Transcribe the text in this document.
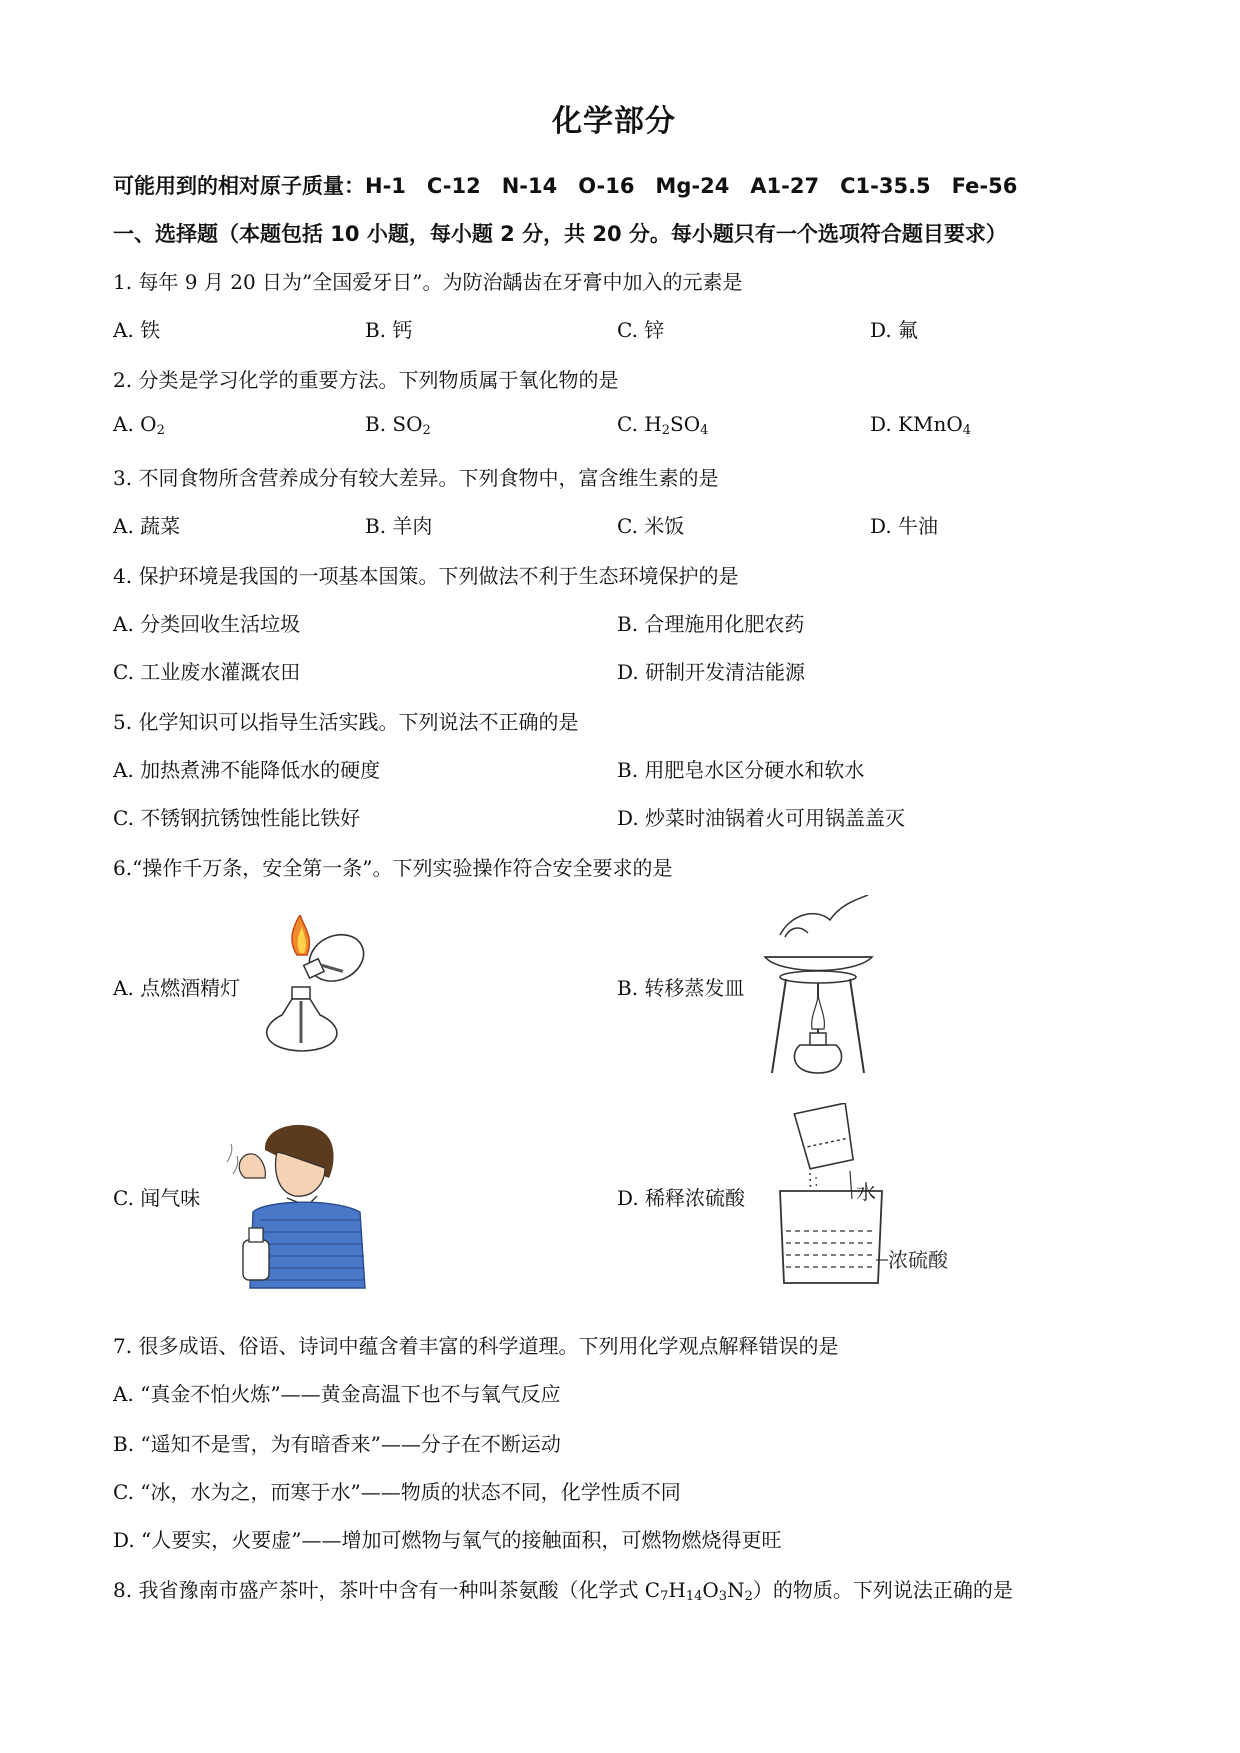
化学部分
可能用到的相对原子质量：H-1　C-12　N-14　O-16　Mg-24　A1-27　C1-35.5　Fe-56
一、选择题（本题包括 10 小题，每小题 2 分，共 20 分。每小题只有一个选项符合题目要求）
1. 每年 9 月 20 日为”全国爱牙日”。为防治龋齿在牙膏中加入的元素是
A. 铁	B. 钙	C. 锌	D. 氟
2. 分类是学习化学的重要方法。下列物质属于氧化物的是
A. $O_2$	B. $SO_2$	C. $H_2SO_4$	D. KMnO$_4$
3. 不同食物所含营养成分有较大差异。下列食物中，富含维生素的是
A. 蔬菜	B. 羊肉	C. 米饭	D. 牛油
4. 保护环境是我国的一项基本国策。下列做法不利于生态环境保护的是
A. 分类回收生活垃圾	B. 合理施用化肥农药
C. 工业废水灌溉农田	D. 研制开发清洁能源
5. 化学知识可以指导生活实践。下列说法不正确的是
A. 加热煮沸不能降低水的硬度	B. 用肥皂水区分硬水和软水
C. 不锈钢抗锈蚀性能比铁好	D. 炒菜时油锅着火可用锅盖盖灭
6.“操作千万条，安全第一条”。下列实验操作符合安全要求的是
A. 点燃酒精灯	B. 转移蒸发皿
C. 闻气味	D. 稀释浓硫酸	水
浓硫酸
7. 很多成语、俗语、诗词中蕴含着丰富的科学道理。下列用化学观点解释错误的是
A. “真金不怕火炼”——黄金高温下也不与氧气反应
B. “遥知不是雪，为有暗香来”——分子在不断运动
C. “冰，水为之，而寒于水”——物质的状态不同，化学性质不同
D. “人要实，火要虚”——增加可燃物与氧气的接触面积，可燃物燃烧得更旺
8. 我省豫南市盛产茶叶，茶叶中含有一种叫茶氨酸（化学式 $C_7H_{14}O_3N_2$）的物质。下列说法正确的是
